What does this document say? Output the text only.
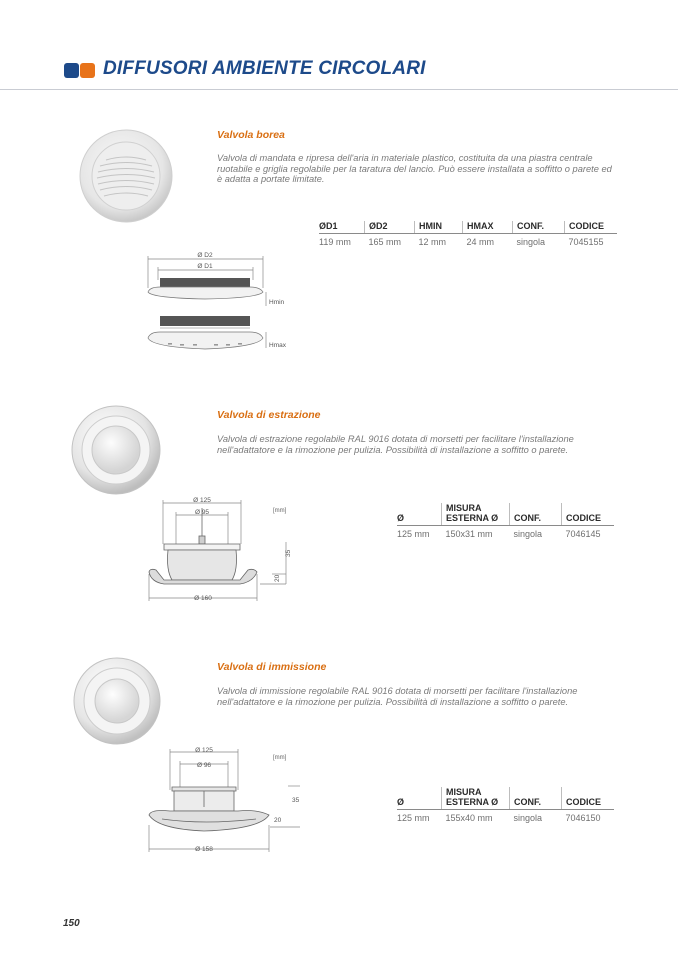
DIFFUSORI AMBIENTE CIRCOLARI
Valvola borea
Valvola di mandata e ripresa dell'aria in materiale plastico, costituita da una piastra centrale ruotabile e griglia regolabile per la taratura del lancio. Può essere installata a soffitto o parete ed è adatta a portate limitate.
ØD1	ØD2	HMIN	HMAX	CONF.	CODICE
119 mm	165 mm	12 mm	24 mm	singola	7045155
Ø D2
Ø D1
Hmin
Hmax
Valvola di estrazione
Valvola di estrazione regolabile RAL 9016 dotata di morsetti per facilitare l'installazione nell'adattatore e la rimozione per pulizia. Possibilità di installazione a soffitto o parete.
Ø	MISURA ESTERNA Ø	CONF.	CODICE
125 mm	150x31 mm	singola	7046145
[mm]
Ø 125
Ø 95
Ø 160
35
20
Valvola di immissione
Valvola di immissione regolabile RAL 9016 dotata di morsetti per facilitare l'installazione nell'adattatore e la rimozione per pulizia. Possibilità di installazione a soffitto o parete.
Ø	MISURA ESTERNA Ø	CONF.	CODICE
125 mm	155x40 mm	singola	7046150
[mm]
Ø 125
Ø 96
Ø 158
35
20
150
